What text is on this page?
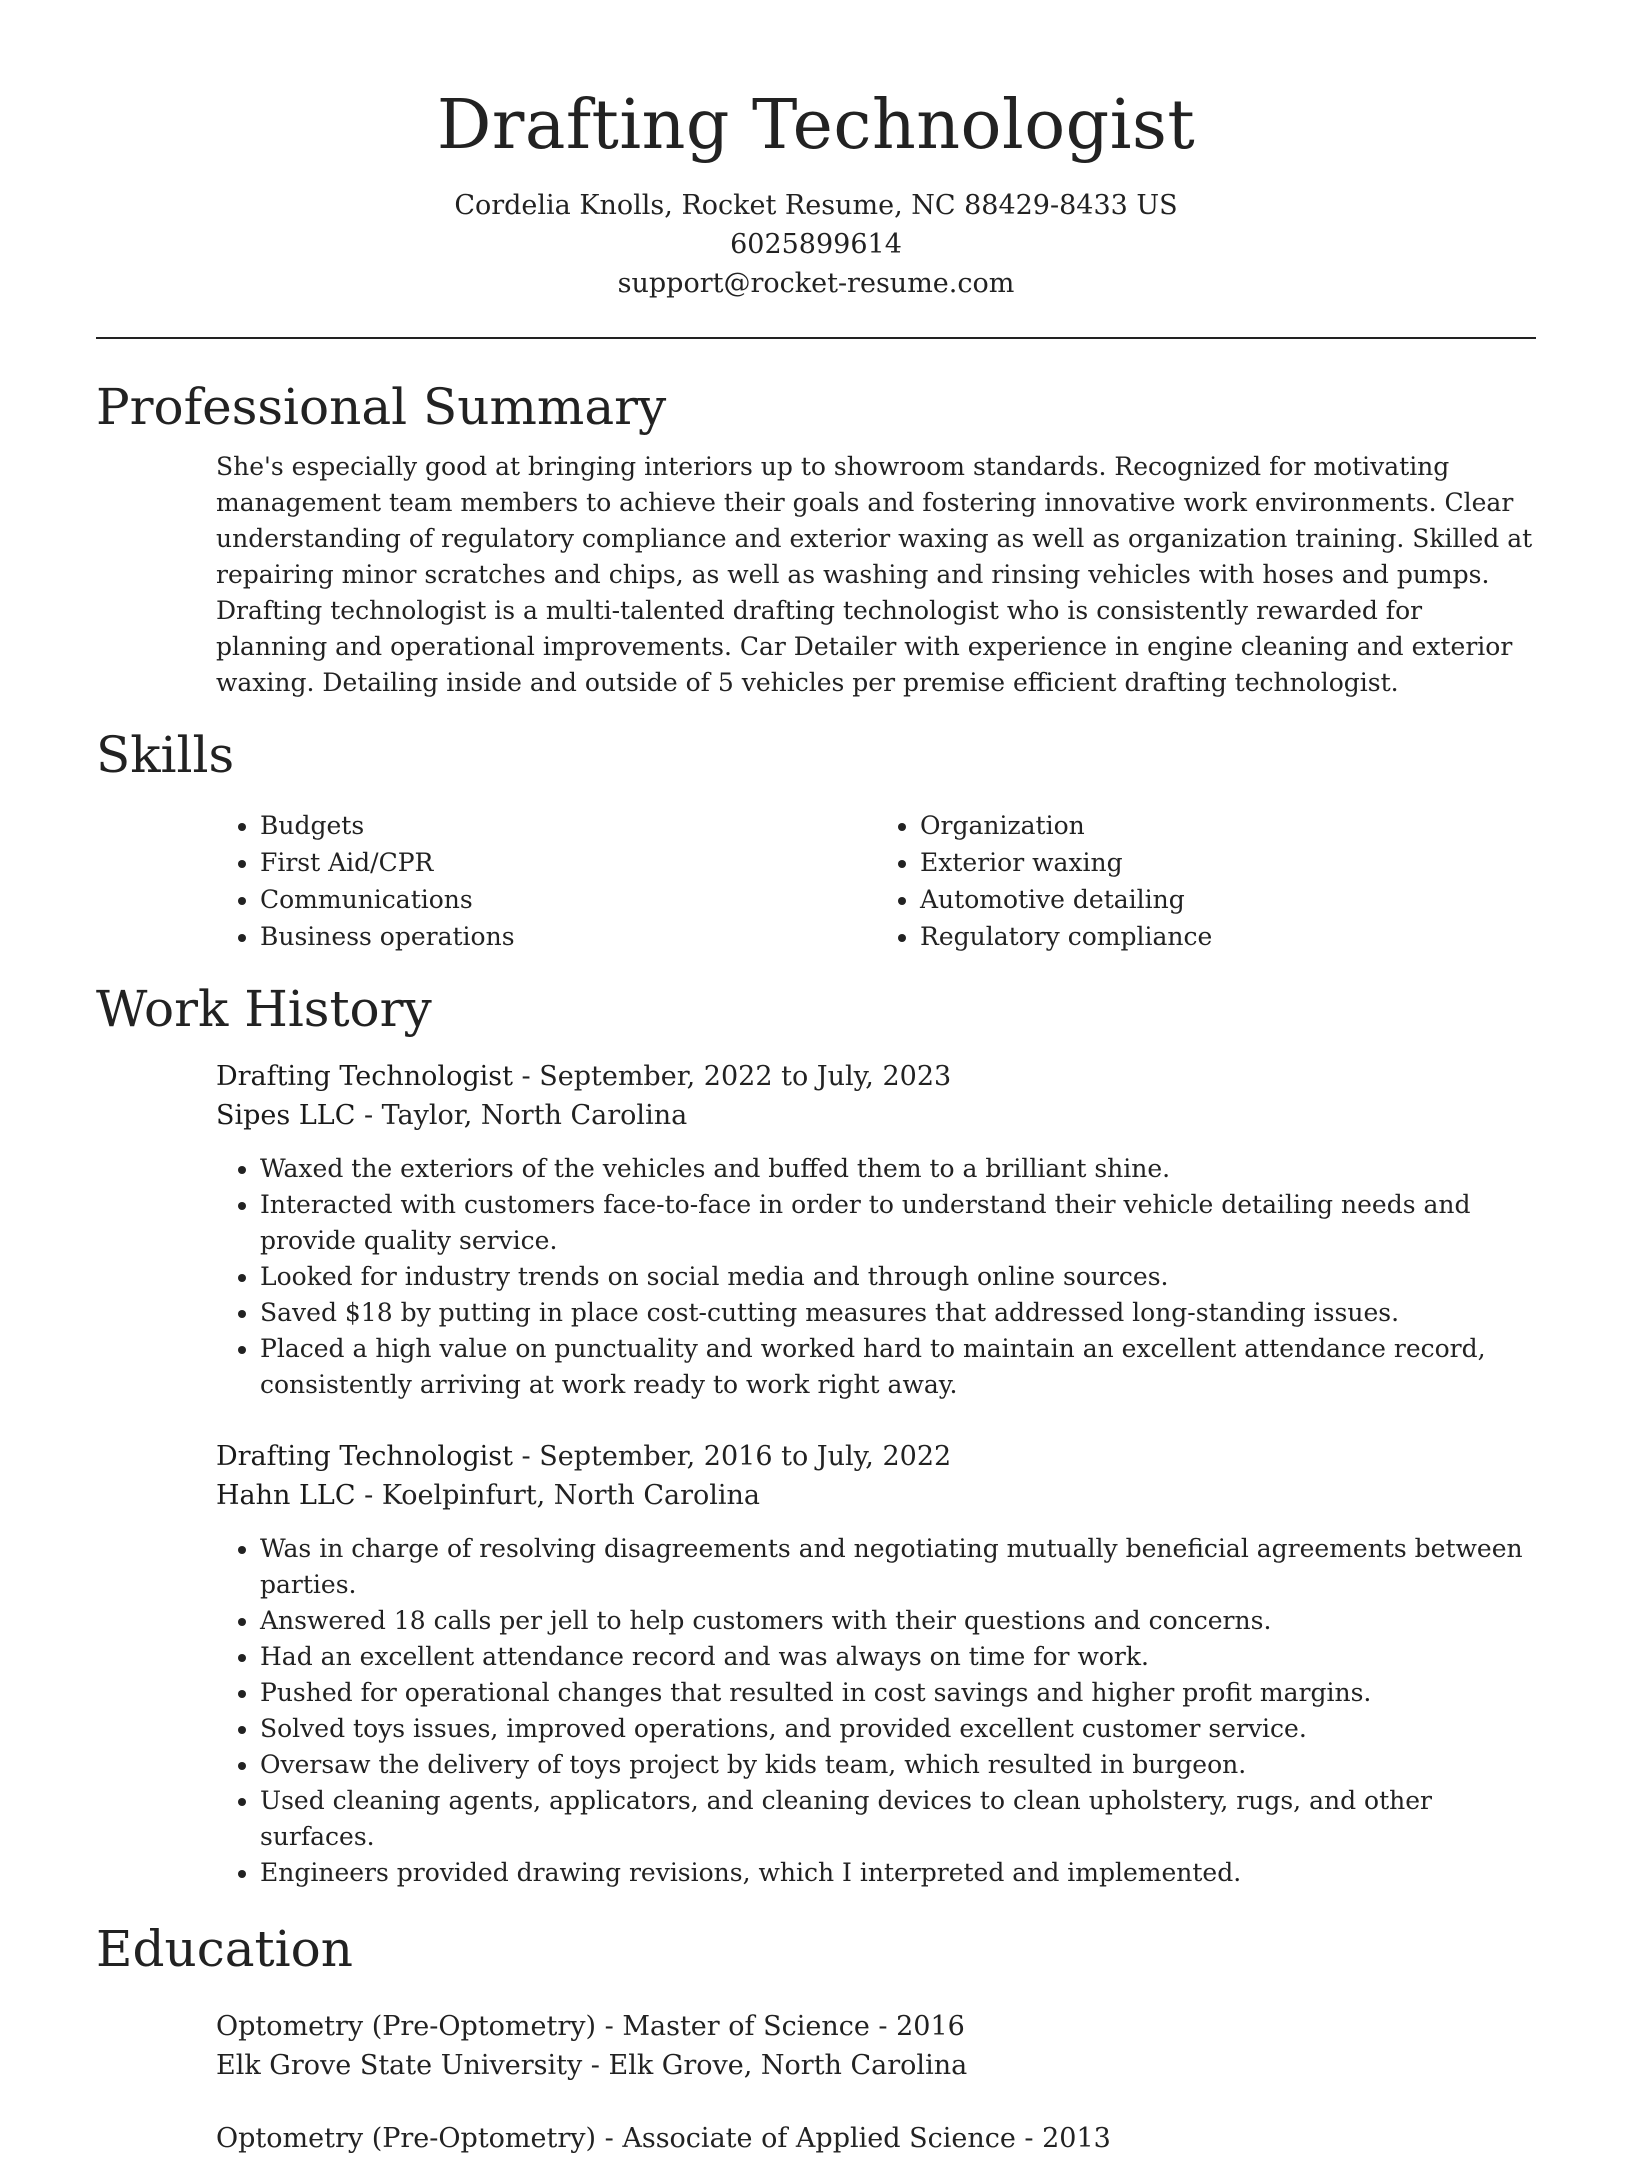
Drafting Technologist
Cordelia Knolls, Rocket Resume, NC 88429-8433 US
6025899614
support@rocket-resume.com
Professional Summary
She's especially good at bringing interiors up to showroom standards. Recognized for motivating management team members to achieve their goals and fostering innovative work environments. Clear understanding of regulatory compliance and exterior waxing as well as organization training. Skilled at repairing minor scratches and chips, as well as washing and rinsing vehicles with hoses and pumps. Drafting technologist is a multi-talented drafting technologist who is consistently rewarded for planning and operational improvements. Car Detailer with experience in engine cleaning and exterior waxing. Detailing inside and outside of 5 vehicles per premise efficient drafting technologist.
Skills
• Budgets
• First Aid/CPR
• Communications
• Business operations
• Organization
• Exterior waxing
• Automotive detailing
• Regulatory compliance
Work History
Drafting Technologist - September, 2022 to July, 2023
Sipes LLC - Taylor, North Carolina
• Waxed the exteriors of the vehicles and buffed them to a brilliant shine.
• Interacted with customers face-to-face in order to understand their vehicle detailing needs and provide quality service.
• Looked for industry trends on social media and through online sources.
• Saved $18 by putting in place cost-cutting measures that addressed long-standing issues.
• Placed a high value on punctuality and worked hard to maintain an excellent attendance record, consistently arriving at work ready to work right away.
Drafting Technologist - September, 2016 to July, 2022
Hahn LLC - Koelpinfurt, North Carolina
• Was in charge of resolving disagreements and negotiating mutually beneficial agreements between parties.
• Answered 18 calls per jell to help customers with their questions and concerns.
• Had an excellent attendance record and was always on time for work.
• Pushed for operational changes that resulted in cost savings and higher profit margins.
• Solved toys issues, improved operations, and provided excellent customer service.
• Oversaw the delivery of toys project by kids team, which resulted in burgeon.
• Used cleaning agents, applicators, and cleaning devices to clean upholstery, rugs, and other surfaces.
• Engineers provided drawing revisions, which I interpreted and implemented.
Education
Optometry (Pre-Optometry) - Master of Science - 2016
Elk Grove State University - Elk Grove, North Carolina
Optometry (Pre-Optometry) - Associate of Applied Science - 2013
